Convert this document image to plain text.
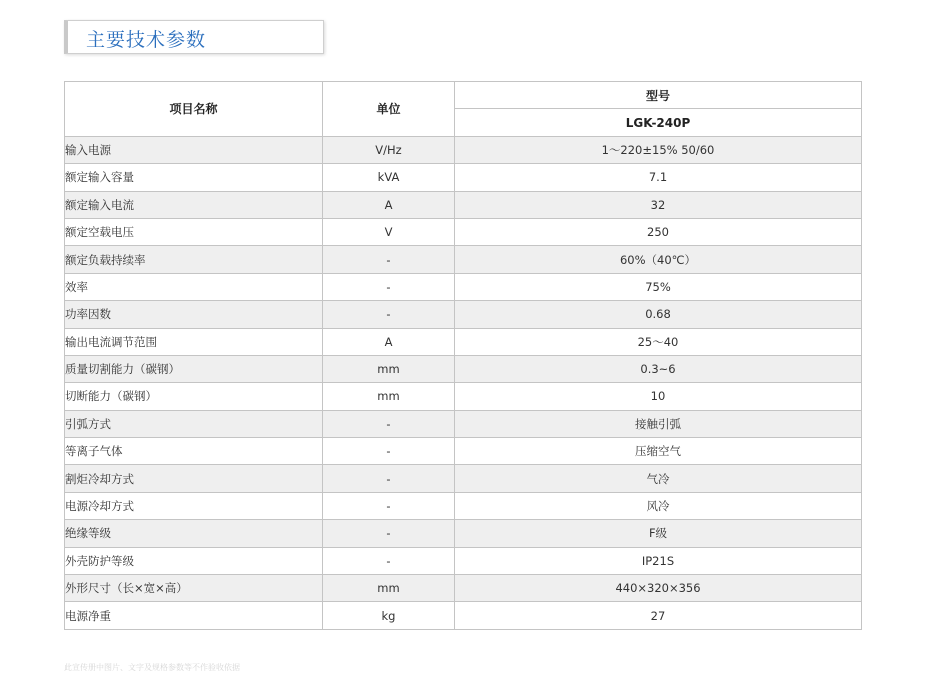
主要技术参数
项目名称	单位	型号
		LGK-240P
输入电源	V/Hz	1～220±15% 50/60
额定输入容量	kVA	7.1
额定输入电流	A	32
额定空载电压	V	250
额定负载持续率	-	60%（40℃）
效率	-	75%
功率因数	-	0.68
输出电流调节范围	A	25～40
质量切割能力（碳钢）	mm	0.3~6
切断能力（碳钢）	mm	10
引弧方式	-	接触引弧
等离子气体	-	压缩空气
割炬冷却方式	-	气冷
电源冷却方式	-	风冷
绝缘等级	-	F级
外壳防护等级	-	IP21S
外形尺寸（长×宽×高）	mm	440×320×356
电源净重	kg	27
此宣传册中图片、文字及规格参数等不作验收依据
